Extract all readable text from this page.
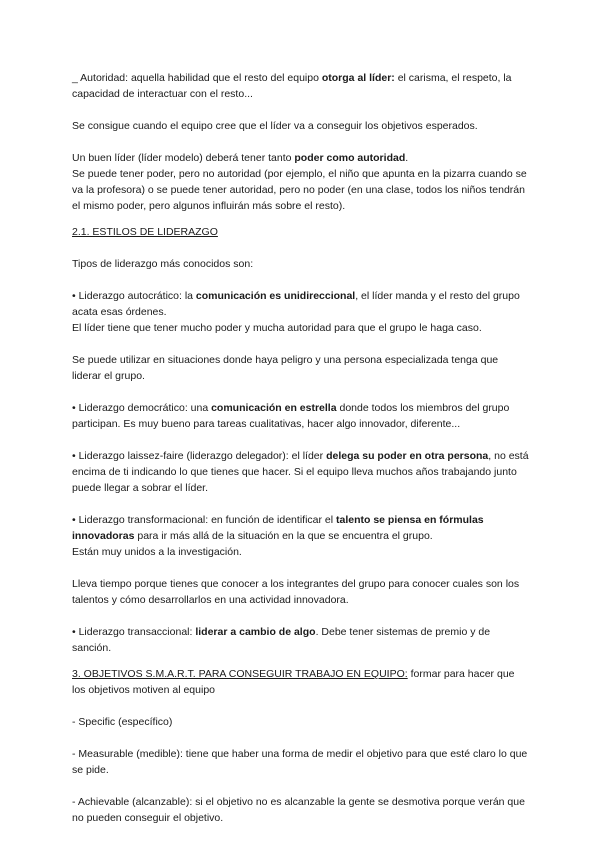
_ Autoridad: aquella habilidad que el resto del equipo otorga al líder: el carisma, el respeto, la capacidad de interactuar con el resto...

Se consigue cuando el equipo cree que el líder va a conseguir los objetivos esperados.

Un buen líder (líder modelo) deberá tener tanto poder como autoridad.

Se puede tener poder, pero no autoridad (por ejemplo, el niño que apunta en la pizarra cuando se va la profesora) o se puede tener autoridad, pero no poder (en una clase, todos los niños tendrán el mismo poder, pero algunos influirán más sobre el resto).

2.1. ESTILOS DE LIDERAZGO

Tipos de liderazgo más conocidos son:

• Liderazgo autocrático: la comunicación es unidireccional, el líder manda y el resto del grupo acata esas órdenes.

El líder tiene que tener mucho poder y mucha autoridad para que el grupo le haga caso.

Se puede utilizar en situaciones donde haya peligro y una persona especializada tenga que liderar el grupo.

• Liderazgo democrático: una comunicación en estrella donde todos los miembros del grupo participan. Es muy bueno para tareas cualitativas, hacer algo innovador, diferente...

• Liderazgo laissez-faire (liderazgo delegador): el líder delega su poder en otra persona, no está encima de ti indicando lo que tienes que hacer. Si el equipo lleva muchos años trabajando junto puede llegar a sobrar el líder.

• Liderazgo transformacional: en función de identificar el talento se piensa en fórmulas innovadoras para ir más allá de la situación en la que se encuentra el grupo.

Están muy unidos a la investigación.

Lleva tiempo porque tienes que conocer a los integrantes del grupo para conocer cuales son los talentos y cómo desarrollarlos en una actividad innovadora.

• Liderazgo transaccional: liderar a cambio de algo. Debe tener sistemas de premio y de sanción.

3. OBJETIVOS S.M.A.R.T. PARA CONSEGUIR TRABAJO EN EQUIPO: formar para hacer que los objetivos motiven al equipo

- Specific (específico)

- Measurable (medible): tiene que haber una forma de medir el objetivo para que esté claro lo que se pide.

- Achievable (alcanzable): si el objetivo no es alcanzable la gente se desmotiva porque verán que no pueden conseguir el objetivo.
